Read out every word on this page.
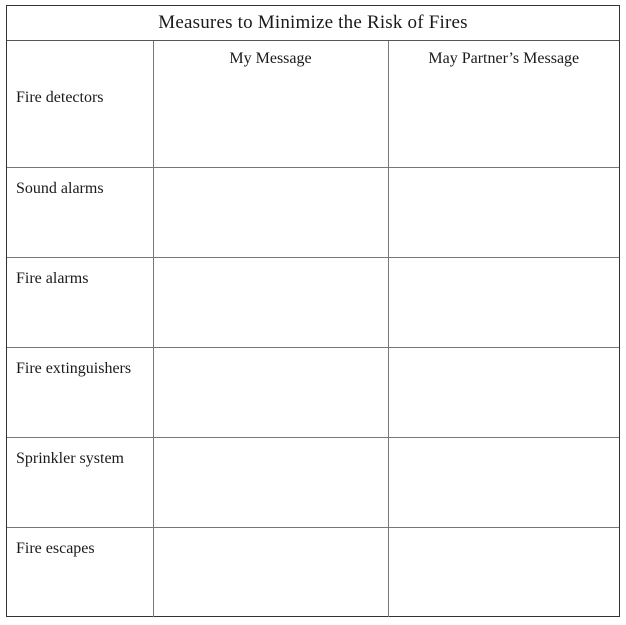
Measures to Minimize the Risk of Fires
	My Message	May Partner’s Message

Fire detectors		

Sound alarms		

Fire alarms		

Fire extinguishers		

Sprinkler system		

Fire escapes		
